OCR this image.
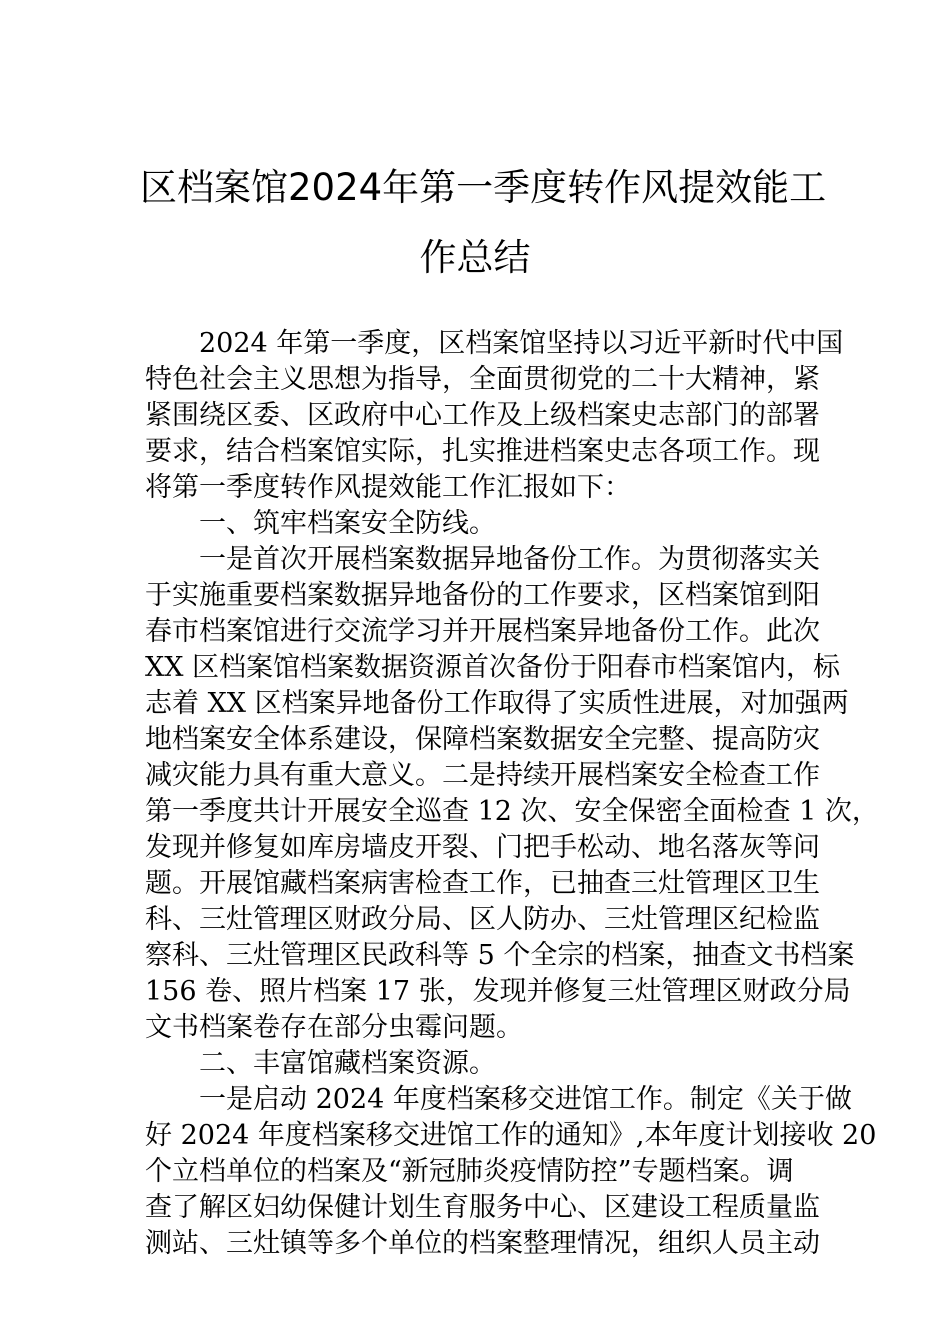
区档案馆2024年第一季度转作风提效能工
作总结
2024 年第一季度，区档案馆坚持以习近平新时代中国
特色社会主义思想为指导，全面贯彻党的二十大精神，紧
紧围绕区委、区政府中心工作及上级档案史志部门的部署
要求，结合档案馆实际，扎实推进档案史志各项工作。现
将第一季度转作风提效能工作汇报如下：
一、筑牢档案安全防线。
一是首次开展档案数据异地备份工作。为贯彻落实关
于实施重要档案数据异地备份的工作要求，区档案馆到阳
春市档案馆进行交流学习并开展档案异地备份工作。此次
XX 区档案馆档案数据资源首次备份于阳春市档案馆内，标
志着 XX 区档案异地备份工作取得了实质性进展，对加强两
地档案安全体系建设，保障档案数据安全完整、提高防灾
减灾能力具有重大意义。二是持续开展档案安全检查工作
第一季度共计开展安全巡查 12 次、安全保密全面检查 1 次，
发现并修复如库房墙皮开裂、门把手松动、地名落灰等问
题。开展馆藏档案病害检查工作，已抽查三灶管理区卫生
科、三灶管理区财政分局、区人防办、三灶管理区纪检监
察科、三灶管理区民政科等 5 个全宗的档案，抽查文书档案
156 卷、照片档案 17 张，发现并修复三灶管理区财政分局
文书档案卷存在部分虫霉问题。
二、丰富馆藏档案资源。
一是启动 2024 年度档案移交进馆工作。制定《关于做
好 2024 年度档案移交进馆工作的通知》,本年度计划接收 20
个立档单位的档案及“新冠肺炎疫情防控”专题档案。调
查了解区妇幼保健计划生育服务中心、区建设工程质量监
测站、三灶镇等多个单位的档案整理情况，组织人员主动
